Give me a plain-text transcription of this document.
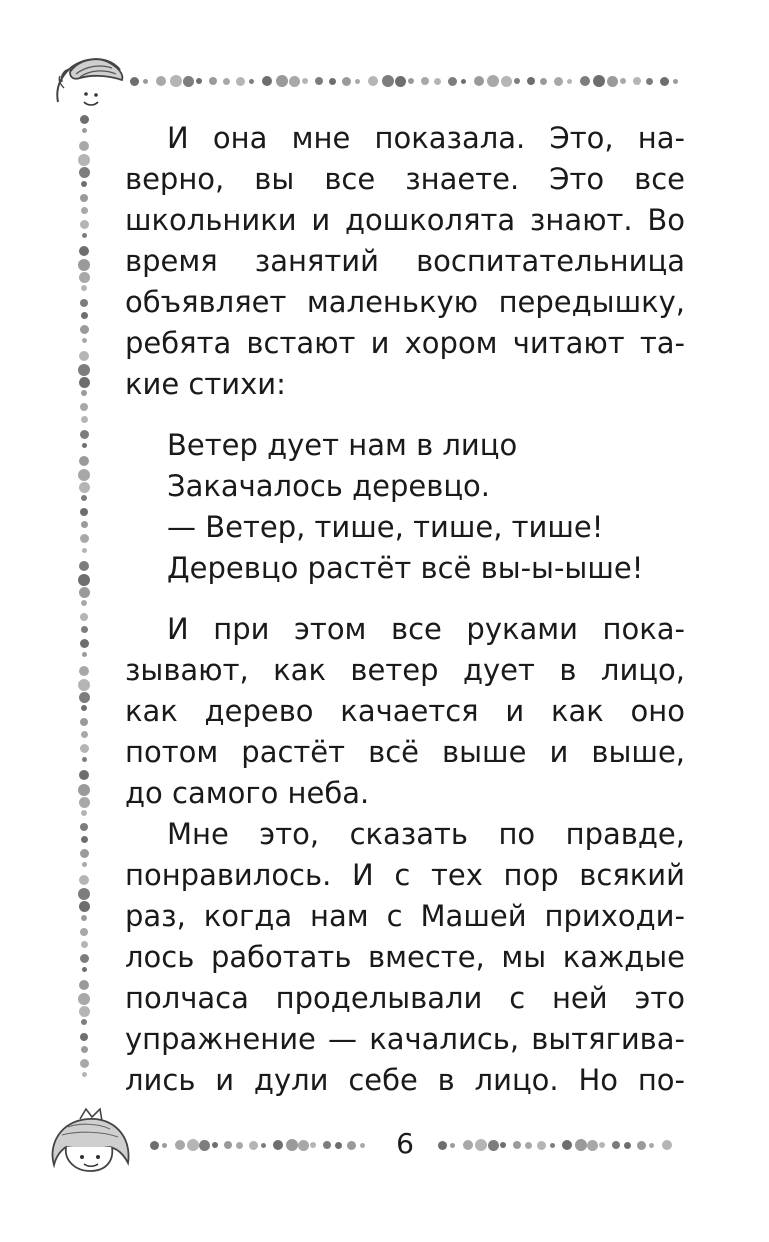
И она мне показала. Это, на-
верно, вы все знаете. Это все
школьники и дошколята знают. Во
время занятий воспитательница
объявляет маленькую передышку,
ребята встают и хором читают та-
кие стихи:
Ветер дует нам в лицо
Закачалось деревцо.
— Ветер, тише, тише, тише!
Деревцо растёт всё вы-ы-ыше!
И при этом все руками пока-
зывают, как ветер дует в лицо,
как дерево качается и как оно
потом растёт всё выше и выше,
до самого неба.
Мне это, сказать по правде,
понравилось. И с тех пор всякий
раз, когда нам с Машей приходи-
лось работать вместе, мы каждые
полчаса проделывали с ней это
упражнение — качались, вытягива-
лись и дули себе в лицо. Но по-
6
